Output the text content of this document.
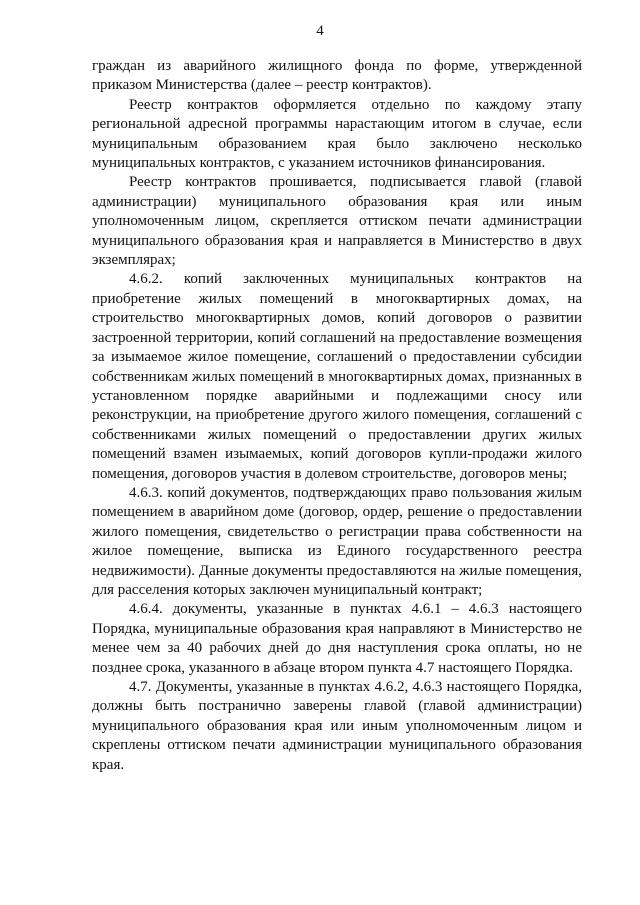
4

граждан из аварийного жилищного фонда по форме, утвержденной приказом Министерства (далее – реестр контрактов).

Реестр контрактов оформляется отдельно по каждому этапу региональной адресной программы нарастающим итогом в случае, если муниципальным образованием края было заключено несколько муниципальных контрактов, с указанием источников финансирования.

Реестр контрактов прошивается, подписывается главой (главой администрации) муниципального образования края или иным уполномоченным лицом, скрепляется оттиском печати администрации муниципального образования края и направляется в Министерство в двух экземплярах;

4.6.2. копий заключенных муниципальных контрактов на приобретение жилых помещений в многоквартирных домах, на строительство многоквартирных домов, копий договоров о развитии застроенной территории, копий соглашений на предоставление возмещения за изымаемое жилое помещение, соглашений о предоставлении субсидии собственникам жилых помещений в многоквартирных домах, признанных в установленном порядке аварийными и подлежащими сносу или реконструкции, на приобретение другого жилого помещения, соглашений с собственниками жилых помещений о предоставлении других жилых помещений взамен изымаемых, копий договоров купли-продажи жилого помещения, договоров участия в долевом строительстве, договоров мены;

4.6.3. копий документов, подтверждающих право пользования жилым помещением в аварийном доме (договор, ордер, решение о предоставлении жилого помещения, свидетельство о регистрации права собственности на жилое помещение, выписка из Единого государственного реестра недвижимости). Данные документы предоставляются на жилые помещения, для расселения которых заключен муниципальный контракт;

4.6.4. документы, указанные в пунктах 4.6.1 – 4.6.3 настоящего Порядка, муниципальные образования края направляют в Министерство не менее чем за 40 рабочих дней до дня наступления срока оплаты, но не позднее срока, указанного в абзаце втором пункта 4.7 настоящего Порядка.

4.7. Документы, указанные в пунктах 4.6.2, 4.6.3 настоящего Порядка, должны быть постранично заверены главой (главой администрации) муниципального образования края или иным уполномоченным лицом и скреплены оттиском печати администрации муниципального образования края.
